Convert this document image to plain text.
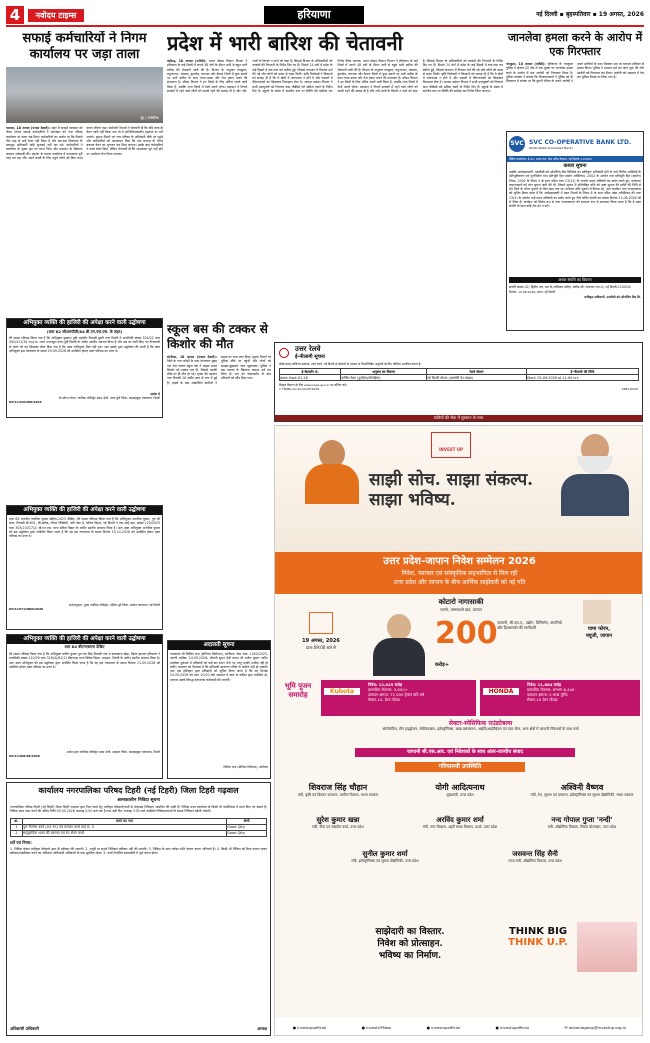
4	नवोदय टाइम्स	हरियाणा	नई दिल्ली ▪ बृहस्पतिवार ▪ 19 अगस्त, 2026
सफाई कर्मचारियों ने निगम कार्यालय पर जड़ा ताला
नूंह | सांकेतिक
पलवल, 18 अगस्त (पंजाब केसरी): शहर में सफाई व्यवस्था को लेकर नाराज सफाई कर्मचारियों ने मंगलवार को नगर परिषद कार्यालय पर ताला जड़ दिया। कर्मचारियों का आरोप था कि पिछले तीन माह से उन्हें वेतन नहीं मिला है और बार-बार शिकायत के बावजूद अधिकारी कोई सुनवाई नहीं कर रहे। कर्मचारियों ने कार्यालय के मुख्य द्वार पर धरना दिया और प्रशासन के खिलाफ जमकर नारेबाजी की। प्रदर्शन के कारण कार्यालय में कामकाज पूरी तरह ठप रहा और अपने कार्यों के लिए पहुंचे लोगों को बिना काम कराए लौटना पड़ा। कर्मचारी नेताओं ने चेतावनी दी कि यदि जल्द ही वेतन जारी नहीं किया गया तो वे अनिश्चितकालीन हड़ताल पर चले जाएंगे। सूचना मिलने पर नगर परिषद के अधिकारी मौके पर पहुंचे और कर्मचारियों को आश्वासन दिया कि एक सप्ताह के भीतर बकाया वेतन का भुगतान कर दिया जाएगा। इसके बाद कर्मचारियों ने ताला खोल दिया, लेकिन चेतावनी दी कि आश्वासन पूरा नहीं होने पर आंदोलन तेज किया जाएगा।
प्रदेश में भारी बारिश की चेतावनी
चंडीगढ़, 18 अगस्त (एजैंसी): भारत मौसम विज्ञान विभाग ने हरियाणा के कई जिलों में अगले 48 घंटों के दौरान भारी से बहुत भारी बारिश की चेतावनी जारी की है। विभाग के अनुसार पंचकूला, यमुनानगर, अंबाला, कुरुक्षेत्र, करनाल और कैथल जिलों में कुछ स्थानों पर भारी बारिश के साथ गरज-चमक और तेज हवाएं चलने की संभावना है। मौसम विभाग ने इन जिलों के लिए ऑरेंज अलर्ट जारी किया है, जबकि अन्य जिलों में येलो अलर्ट रहेगा। प्रशासन ने निचले इलाकों में रहने वाले लोगों को सतर्क रहने की सलाह दी है और नदी-नालों के किनारे न जाने को कहा है। सिंचाई विभाग के अधिकारियों को तटबंधों की निगरानी के निर्देश दिए गए हैं। पिछले 24 घंटों में प्रदेश के कई हिस्सों में रुक-रुक कर बारिश हुई, जिससे तापमान में गिरावट दर्ज की गई और लोगों को उमस से राहत मिली। कृषि विशेषज्ञों ने किसानों को सलाह दी है कि वे खेतों में जलभराव न होने दें और फसलों में कीटनाशकों का छिड़काव फिलहाल रोक दें। आपदा प्रबंधन विभाग ने सभी उपायुक्तों को नियंत्रण कक्ष चौबीसों घंटे सक्रिय रखने के निर्देश दिए हैं। स्कूलों के संबंध में स्थानीय स्तर पर स्थिति की समीक्षा कर निर्णय लिया जाएगा। भारत मौसम विज्ञान विभाग ने हरियाणा के कई जिलों में अगले 48 घंटों के दौरान भारी से बहुत भारी बारिश की चेतावनी जारी की है। विभाग के अनुसार पंचकूला, यमुनानगर, अंबाला, कुरुक्षेत्र, करनाल और कैथल जिलों में कुछ स्थानों पर भारी बारिश के साथ गरज-चमक और तेज हवाएं चलने की संभावना है। मौसम विभाग ने इन जिलों के लिए ऑरेंज अलर्ट जारी किया है, जबकि अन्य जिलों में येलो अलर्ट रहेगा। प्रशासन ने निचले इलाकों में रहने वाले लोगों को सतर्क रहने की सलाह दी है और नदी-नालों के किनारे न जाने को कहा है। सिंचाई विभाग के अधिकारियों को तटबंधों की निगरानी के निर्देश दिए गए हैं। पिछले 24 घंटों में प्रदेश के कई हिस्सों में रुक-रुक कर बारिश हुई, जिससे तापमान में गिरावट दर्ज की गई और लोगों को उमस से राहत मिली। कृषि विशेषज्ञों ने किसानों को सलाह दी है कि वे खेतों में जलभराव न होने दें और फसलों में कीटनाशकों का छिड़काव फिलहाल रोक दें। आपदा प्रबंधन विभाग ने सभी उपायुक्तों को नियंत्रण कक्ष चौबीसों घंटे सक्रिय रखने के निर्देश दिए हैं। स्कूलों के संबंध में स्थानीय स्तर पर स्थिति की समीक्षा कर निर्णय लिया जाएगा।
जानलेवा हमला करने के आरोप में एक गिरफ्तार
पंचकूला, 18 अगस्त (एजैंसी): हरियाणा के पंचकूला पुलिस ने सेक्टर-20 क्षेत्र में एक युवक पर जानलेवा हमला करने के आरोप में एक आरोपी को गिरफ्तार किया है। पुलिस प्रवक्ता ने बताया कि शिकायतकर्ता ने पुलिस को दी शिकायत में बताया था कि पुरानी रंजिश के चलते आरोपी ने अपने साथियों के साथ मिलकर उस पर धारदार हथियार से हमला किया। पुलिस ने मामला दर्ज कर जांच शुरू की और आरोपी को गिरफ्तार कर लिया। आरोपी को अदालत में पेश कर पुलिस रिमांड पर लिया गया है।
SVC SVC CO-OPERATIVE BANK LTD.
(Multi-State Scheduled Bank)
बैंकिंग कार्यालय: ई-25, प्रथम तल, ईस्ट ऑफ कैलाश, नई दिल्ली-110065
कब्जा सूचना
जबकि अधोहस्ताक्षरी, एसवीसी को-ऑपरेटिव बैंक लिमिटेड का प्राधिकृत अधिकारी होने के नाते वित्तीय आस्तियों के प्रतिभूतिकरण एवं पुनर्निर्माण तथा प्रतिभूति हित प्रवर्तन अधिनियम, 2002 के अंतर्गत तथा प्रतिभूति हित (प्रवर्तन) नियम, 2002 के नियम 3 के साथ पठित धारा 13(12) के अंतर्गत प्रदत्त शक्तियों का प्रयोग करते हुए, कर्जदार/जमानतदारों को मांग सूचना जारी की थी, जिसमें सूचना में उल्लिखित राशि को उक्त सूचना की प्राप्ति की तिथि से 60 दिनों के भीतर चुकाने के लिए कहा गया था। कर्जदार राशि चुकाने में विफल रहे, अतः कर्जदार तथा जनसाधारण को सूचित किया जाता है कि अधोहस्ताक्षरी ने उक्त नियमों के नियम 8 के साथ पठित उक्त अधिनियम की धारा 13(4) के अंतर्गत उन्हें प्रदत्त शक्तियों का प्रयोग करते हुए नीचे वर्णित संपत्ति का कब्जा दिनांक 21.08.2026 को ले लिया है। कर्जदार को विशेष रूप से तथा जनसाधारण को सामान्य रूप से सावधान किया जाता है कि वे उक्त संपत्ति के साथ कोई लेन-देन न करें।
अचल संपत्ति का विवरण
संपत्ति संख्या 42, द्वितीय तल, छत के अधिकार सहित, ब्लॉक-सी, लाजपत नगर-II, नई दिल्ली-110024।
दिनांक: 19.08.2026, स्थान: नई दिल्ली
प्राधिकृत अधिकारी, एसवीसी को-ऑपरेटिव बैंक लि.
अभियुक्त व्यक्ति की हाजिरी की अपेक्षा करने वाली उद्घोषणा
(धारा 82 सीआरपीसी/84 बी.एन.एस.एस. के तहत)
मेरे समक्ष परिवाद किया गया है कि अभियुक्त मुस्कान पुत्री जहांगीर निवासी मुस्ती नगर दिल्ली ने प्राथमिकी संख्या 524/22 धारा 392/411/34 भा.द.सं. थाना भजनपुरा उत्तर-पूर्वी दिल्ली के अधीन दंडनीय अपराध किया है और उस पर जारी किए गए गिरफ्तारी के वारंट को यह लिखकर लौटा दिया गया है कि उक्त अभियुक्त मिल नहीं रहा। अतः इसके द्वारा उद्घोषणा की जाती है कि उक्त अभियुक्त इस न्यायालय के समक्ष 29.09.2026 को उपस्थित होकर उक्त परिवाद का उत्तर दे।
आदेश से
श्री सौरभ गोयल, न्यायिक मजिस्ट्रेट प्रथम श्रेणी, उत्तर-पूर्वी जिला, कड़कड़डूमा न्यायालय, दिल्ली
DP/11426/NW/2026
स्कूल बस की टक्कर से किशोर की मौत
सोनीपत, 18 अगस्त (पंजाब केसरी): जिले के गांव जठेड़ी के पास मंगलवार सुबह एक तेज रफ्तार स्कूल बस ने बाइक सवार किशोर को टक्कर मार दी, जिससे उसकी मौके पर ही मौत हो गई। मृतक की पहचान गांव निवासी 16 वर्षीय छात्र के रूप में हुई है। हादसे के बाद आक्रोशित ग्रामीणों ने सड़क पर जाम लगा दिया। सूचना मिलने पर पुलिस मौके पर पहुंची और लोगों को समझा-बुझाकर जाम खुलवाया। पुलिस ने बस चालक के खिलाफ मामला दर्ज कर लिया है। शव को पोस्टमार्टम के बाद परिजनों को सौंप दिया गया।
उत्तर रेलवे
ई-नीलामी सूचना
वरिष्ठ मंडल वाणिज्य प्रबंधक, उत्तर रेलवे, नई दिल्ली ई-नीलामी के माध्यम से निम्नलिखित अनुबंधों के लिए बोलियां आमंत्रित करता है।
ई-कैटलॉग सं.	अनुबंध का विवरण	रेलवे स्टेशन	ई-नीलामी की तिथि
Advt-Sept-01-26	पार्किंग ठेका (दुपहिया/चौपहिया)	नई दिल्ली स्टेशन (अजमेरी गेट साइड)	Start: 02.09.2026 at 11:00 hrs
विस्तृत विवरण के लिए www.ireps.gov.in पर लॉगिन करें।
1 TPI/Bb-Auction/AdT/2026	2881/2026
यात्रियों की सेवा में मुस्कान के साथ
अभियुक्त व्यक्ति की हाजिरी की अपेक्षा करने वाली उद्घोषणा
धारा 84 भारतीय नागरिक सुरक्षा संहिता-2023 देखिए। मेरे समक्ष परिवाद किया गया है कि अभियुक्त अनारीक कुमार, पुत्र श्री लाल, निवासी बी-601, बी-ब्लॉक, गोयल रेजिडेंसी, गली नंबर 8, सरिता विहार, नई दिल्ली ने एफ.आई.आर. संख्या 120/2025 धारा 303(2)/317(2) बी.एन.एस. थाना सरिता विहार के अधीन दंडनीय अपराध किया है। अतः उक्त अभियुक्त अनारीक कुमार को इस उद्घोषणा द्वारा अपेक्षित किया जाता है कि वह इस न्यायालय के समक्ष दिनांक 15.10.2026 को उपस्थित होकर उक्त परिवाद का उत्तर दे।
आदेशानुसार, मुख्य न्यायिक मजिस्ट्रेट, दक्षिण-पूर्व जिला, साकेत न्यायालय, नई दिल्ली
DP/11571/NDD/2026
अभियुक्त व्यक्ति की हाजिरी की अपेक्षा करने वाली उद्घोषणा
धारा 84 बीएनएसएस देखिए
मेरे समक्ष परिवाद किया गया है कि अभियुक्त प्रवीण कुमार पुत्र राम सिंह निवासी गांव व डाकखाना खेड़ा, जिला झज्जर हरियाणा ने प्राथमिकी संख्या 110/26 धारा 318(4)/61(2) बीएनएस थाना विवेक विहार, शाहदरा, दिल्ली के अधीन दंडनीय अपराध किया है। अतः उक्त अभियुक्त को इस उद्घोषणा द्वारा अपेक्षित किया जाता है कि वह इस न्यायालय के समक्ष दिनांक 21.09.2026 को उपस्थित होकर उक्त परिवाद का उत्तर दे।
आदेश द्वारा न्यायिक मजिस्ट्रेट प्रथम श्रेणी, शाहदरा जिला, कड़कड़डूमा न्यायालय, दिल्ली
DP/11498/SE/2026
अदालती सूचना
न्यायालय श्री सिविल जज (सीनियर डिवीजन), सोनीपत। केस नंबर: 1452/2025, अगली तारीख: 24.09.2026। श्रीमती सुमन देवी बनाम श्री राजेश कुमार आदि। उपरोक्त मुकदमे में प्रतिवादी को कई बार समन भेजे गए परंतु उनकी तामील नहीं हो सकी। अदालत को विश्वास है कि प्रतिवादी साधारण तरीके से तामील नहीं हो सकती। अतः इस इश्तिहार द्वारा प्रतिवादी को सूचित किया जाता है कि वह दिनांक 24.09.2026 को प्रातः 10:00 बजे अदालत में स्वयं या वकील द्वारा उपस्थित हो, अन्यथा उसके विरुद्ध एकतरफा कार्यवाही की जाएगी।
सिविल जज (सीनियर डिवीजन), सोनीपत
कार्यालय नगरपालिका परिषद टिहरी (नई टिहरी) जिला टिहरी गढ़वाल
अल्पकालीन निविदा सूचना
नगरपालिका परिषद टिहरी (नई टिहरी) जिला टिहरी गढ़वाल द्वारा निम्न कार्य हेतु पंजीकृत ठेकेदारों/फर्मों से मोहरबंद निविदाएं आमंत्रित की जाती हैं। निविदा प्रपत्र कार्यालय से किसी भी कार्यदिवस में प्राप्त किए जा सकते हैं। निविदा प्रपत्र जमा करने की अंतिम तिथि 05.09.2026 अपराह्न 2:00 बजे तक है तथा उसी दिन अपराह्न 3:00 बजे उपस्थित निविदादाताओं के समक्ष निविदाएं खोली जाएंगी।
क्र.	कार्य का नाम	श्रेणी
1	पुल निर्माण कार्य (03 नग) एवं मरम्मत कार्य वार्ड सं. 5	Good Qlty
2	सामुदायिक भवन की मरम्मत एवं रंग-रोगन कार्य	Good Qlty
शर्तें एवं नियम:
1. निविदा केवल पंजीकृत ठेकेदारों द्वारा ही स्वीकार की जाएगी। 2. अधूरी या सशर्त निविदाएं स्वीकार नहीं की जाएंगी। 3. निविदा के साथ धरोहर राशि संलग्न करना अनिवार्य है। 4. किसी भी निविदा को बिना कारण बताए स्वीकार/अस्वीकार करने का अधिकार अधिशासी अधिकारी के पास सुरक्षित रहेगा। 5. कार्य निर्धारित समयावधि में पूर्ण करना होगा।
अधिशासी अधिकारी	अध्यक्ष
INVEST UP
साझी सोच. साझा संकल्प. साझा भविष्य.
उत्तर प्रदेश-जापान निवेश सम्मेलन 2026
निवेश, नवाचार एवं सांस्कृतिक सहभागिता से मिल रही
उत्तर प्रदेश और जापान के बीच आर्थिक साझेदारी को नई गति
कोटारो नागासाकी
गवर्नर, यामानाशी प्रांत, जापान
यामा फोरम,
फ्यूजी, जापान
19 अगस्त, 2026
प्रातः 09:00 बजे से	200 करोड़+
जापानी, सी.एल.ए., उद्योग, विनिर्माण, कंपनियों और हितधारकों की भागीदारी
भूमि पूजन समारोह	Kubota
निवेश: 12,025 करोड़
प्रस्तावित रोजगार: 3,800+
उत्पादन क्षमता: 72,000 ट्रैक्टर प्रति वर्ष
सेक्टर-10, ग्रेटर नोएडा
HONDA
निवेश: 11,864 करोड़
प्रस्तावित रोजगार: लगभग 6,440
उत्पादन क्षमता: 5 लाख यूनिट
सेक्टर-10 ग्रेटर नोएडा
सेक्टर-स्पेसिफिक राउंडटेबल्स
ऑटोमोटिव, ग्रीन हाइड्रोजन, सेमीकंडक्टर, इलेक्ट्रॉनिक्स, खाद्य प्रसंस्करण, आईटी/आईटीईएस एवं डाटा सेंटर, अन्य क्षेत्रों में जापानी निवेशकों के साथ चर्चा
जापानी सी.एस.आर. एवं निवेशकों के साथ अंतर-राज्यीय संवाद
गरिमामयी उपस्थिति
शिवराज सिंह चौहान
मंत्री, कृषि एवं किसान कल्याण, ग्रामीण विकास, भारत सरकार
योगी आदित्यनाथ
मुख्यमंत्री, उत्तर प्रदेश
अश्विनी वैष्णव
मंत्री, रेल, सूचना एवं प्रसारण, इलेक्ट्रॉनिक्स एवं सूचना प्रौद्योगिकी, भारत सरकार
सुरेश कुमार खन्ना
मंत्री, वित्त एवं संसदीय कार्य, उत्तर प्रदेश
अरविंद कुमार शर्मा
मंत्री, नगर विकास, शहरी समग्र विकास, ऊर्जा, उत्तर प्रदेश
नन्द गोपाल गुप्ता 'नन्दी'
मंत्री, औद्योगिक विकास, निर्यात प्रोत्साहन, उत्तर प्रदेश
सुनील कुमार शर्मा
मंत्री, इलेक्ट्रॉनिक्स एवं सूचना प्रौद्योगिकी, उत्तर प्रदेश
जसवन्त सिंह सैनी
राज्य मंत्री, औद्योगिक विकास, उत्तर प्रदेश
साझेदारी का विस्तार.
निवेश को प्रोत्साहन.
भविष्य का निर्माण.
THINK BIG
THINK U.P.
● investupofficial	● InvestUPNew	● investupofficial	● investupofficial	✉ advantageup@investup.org.in
